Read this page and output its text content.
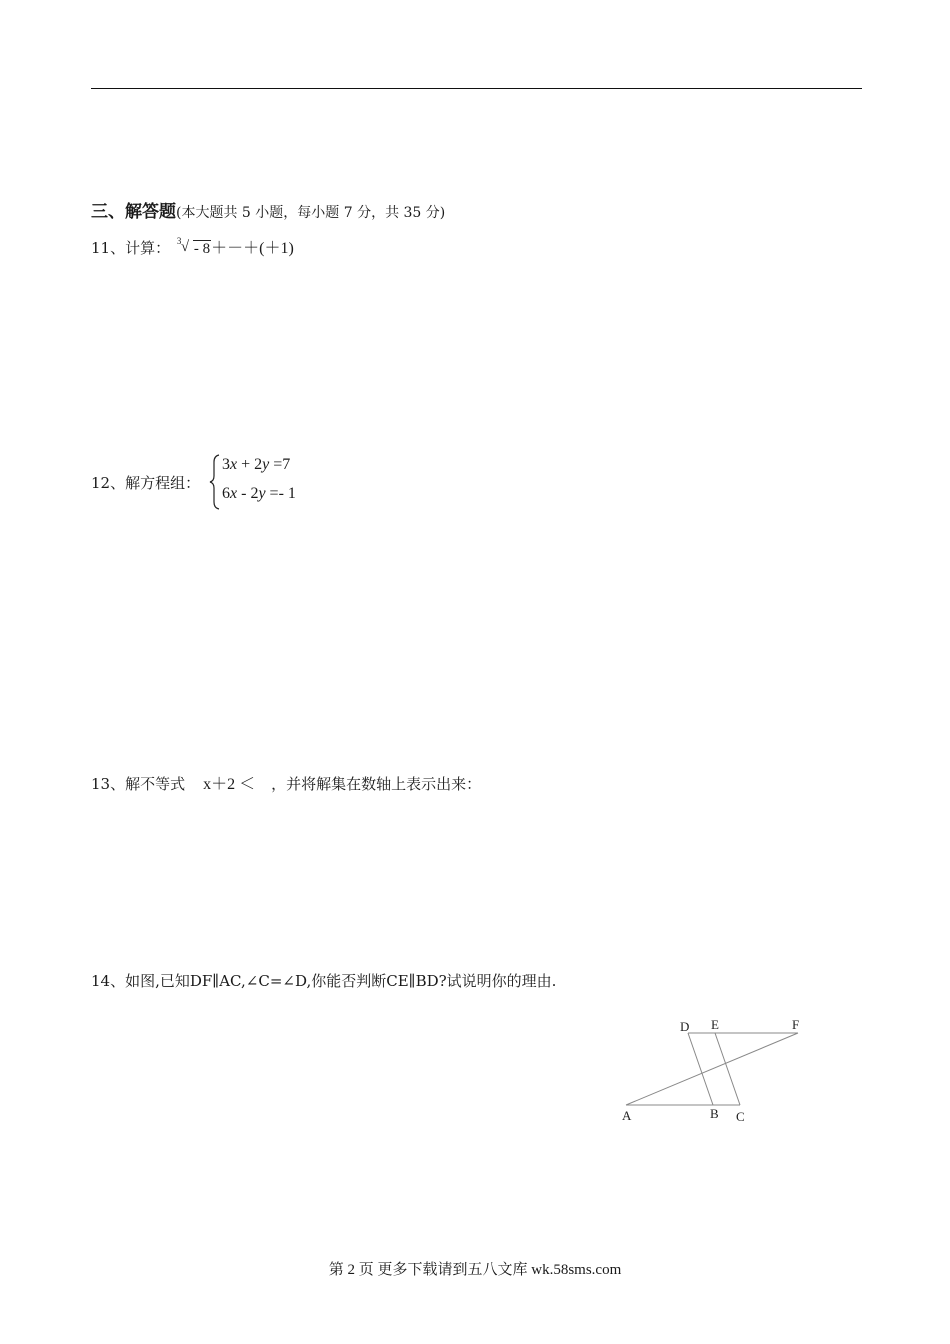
三、解答题(本大题共 5 小题，每小题 7 分，共 35 分)
11、计算： 3 √ - 8＋－＋(＋1)
12、解方程组：
3x + 2y =7
6x - 2y =- 1
13、解不等式 x＋2 ＜ ，并将解集在数轴上表示出来：
14、如图,已知DF∥AC,∠C=∠D,你能否判断CE∥BD?试说明你的理由.
D E	F
A	B C
第 2 页 更多下载请到五八文库 wk.58sms.com
